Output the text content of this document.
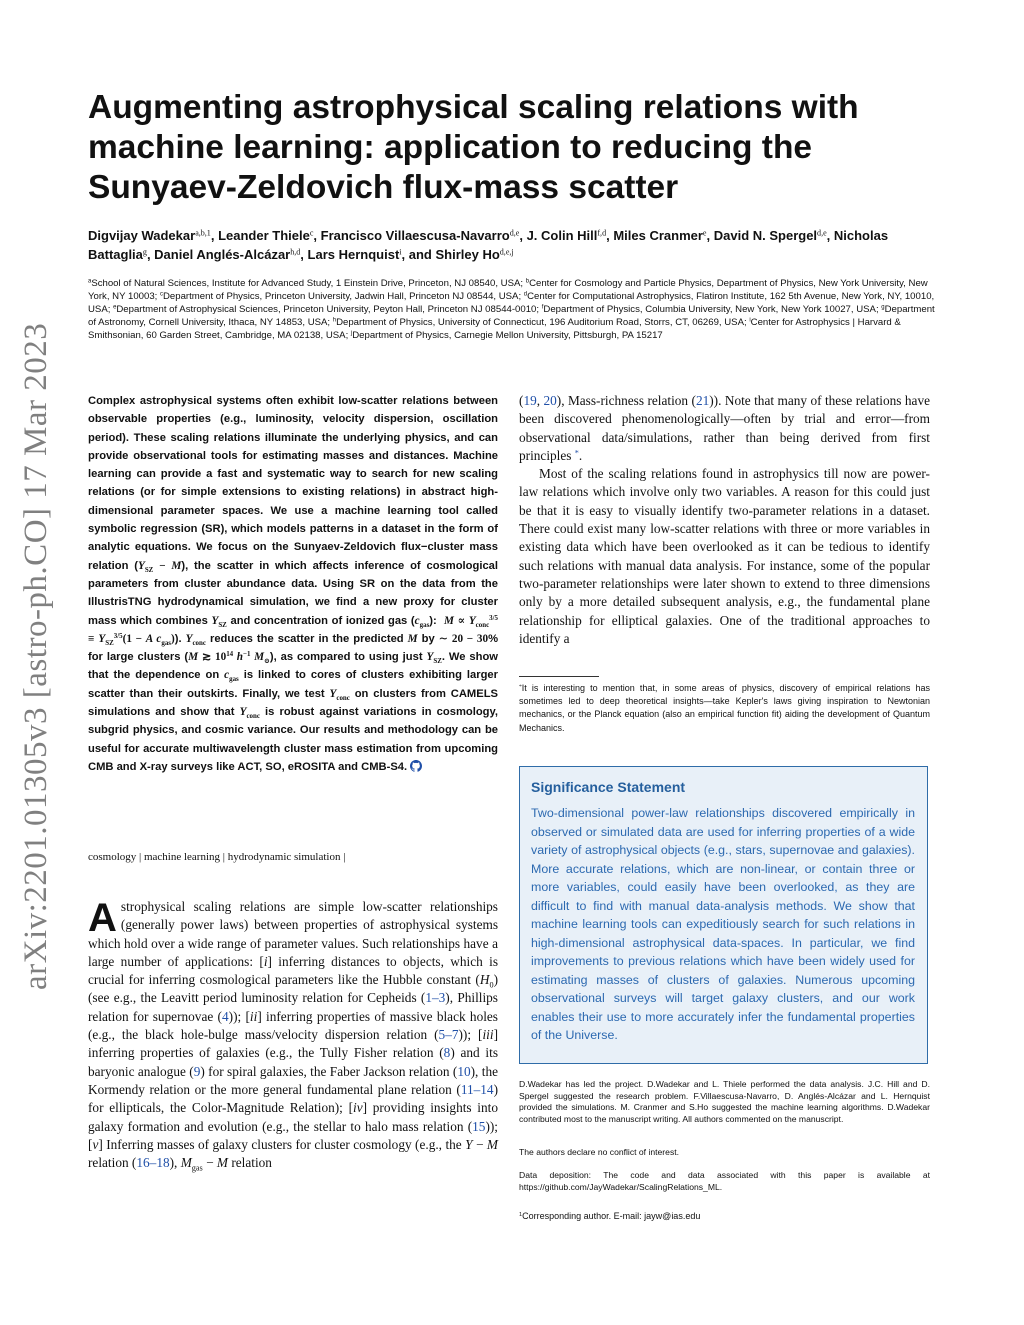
arXiv:2201.01305v3 [astro-ph.CO] 17 Mar 2023
Augmenting astrophysical scaling relations with machine learning: application to reducing the Sunyaev-Zeldovich flux-mass scatter
Digvijay Wadekar$^{a,b,1}$, Leander Thiele$^c$, Francisco Villaescusa-Navarro$^{d,e}$, J. Colin Hill$^{f,d}$, Miles Cranmer$^e$, David N. Spergel$^{d,e}$, Nicholas Battaglia$^g$, Daniel Anglés-Alcázar$^{h,d}$, Lars Hernquist$^i$, and Shirley Ho$^{d,e,j}$
$^a$School of Natural Sciences, Institute for Advanced Study, 1 Einstein Drive, Princeton, NJ 08540, USA; $^b$Center for Cosmology and Particle Physics, Department of Physics, New York University, New York, NY 10003; $^c$Department of Physics, Princeton University, Jadwin Hall, Princeton NJ 08544, USA; $^d$Center for Computational Astrophysics, Flatiron Institute, 162 5th Avenue, New York, NY, 10010, USA; $^e$Department of Astrophysical Sciences, Princeton University, Peyton Hall, Princeton NJ 08544-0010; $^f$Department of Physics, Columbia University, New York, New York 10027, USA; $^g$Department of Astronomy, Cornell University, Ithaca, NY 14853, USA; $^h$Department of Physics, University of Connecticut, 196 Auditorium Road, Storrs, CT, 06269, USA; $^i$Center for Astrophysics | Harvard & Smithsonian, 60 Garden Street, Cambridge, MA 02138, USA; $^j$Department of Physics, Carnegie Mellon University, Pittsburgh, PA 15217
Complex astrophysical systems often exhibit low-scatter relations between observable properties (e.g., luminosity, velocity dispersion, oscillation period). These scaling relations illuminate the underlying physics, and can provide observational tools for estimating masses and distances. Machine learning can provide a fast and systematic way to search for new scaling relations (or for simple extensions to existing relations) in abstract high-dimensional parameter spaces. We use a machine learning tool called symbolic regression (SR), which models patterns in a dataset in the form of analytic equations. We focus on the Sunyaev-Zeldovich flux−cluster mass relation $(Y_{SZ} - M)$, the scatter in which affects inference of cosmological parameters from cluster abundance data. Using SR on the data from the IllustrisTNG hydrodynamical simulation, we find a new proxy for cluster mass which combines $Y_{SZ}$ and concentration of ionized gas $(c_{gas})$:  $M \propto Y_{conc}^{3/5} \equiv Y_{SZ}^{3/5}(1 - A$ $c_{gas}$)). $Y_{conc}$ reduces the scatter in the predicted M by ∼ 20 − 30% for large clusters (M ≳ $10^{14}$ $h^{-1}$ $M_⊙$), as compared to using just $Y_{SZ}$. We show that the dependence on $c_{gas}$ is linked to cores of clusters exhibiting larger scatter than their outskirts. Finally, we test $Y_{conc}$ on clusters from CAMELS simulations and show that $Y_{conc}$ is robust against variations in cosmology, subgrid physics, and cosmic variance. Our results and methodology can be useful for accurate multiwavelength cluster mass estimation from upcoming CMB and X-ray surveys like ACT, SO, eROSITA and CMB-S4.
cosmology | machine learning | hydrodynamic simulation |
Astrophysical scaling relations are simple low-scatter relationships (generally power laws) between properties of astrophysical systems which hold over a wide range of parameter values. Such relationships have a large number of applications: [i] inferring distances to objects, which is crucial for inferring cosmological parameters like the Hubble constant $(H_0)$ (see e.g., the Leavitt period luminosity relation for Cepheids (1–3), Phillips relation for supernovae (4)); [ii] inferring properties of massive black holes (e.g., the black hole-bulge mass/velocity dispersion relation (5–7)); [iii] inferring properties of galaxies (e.g., the Tully Fisher relation (8) and its baryonic analogue (9) for spiral galaxies, the Faber Jackson relation (10), the Kormendy relation or the more general fundamental plane relation (11–14) for ellipticals, the Color-Magnitude Relation); [iv] providing insights into galaxy formation and evolution (e.g., the stellar to halo mass relation (15)); [v] Inferring masses of galaxy clusters for cluster cosmology (e.g., the Y − M relation (16–18), $M_{gas} - M$ relation

(19, 20), Mass-richness relation (21)). Note that many of these relations have been discovered phenomenologically—often by trial and error—from observational data/simulations, rather than being derived from first principles *.

Most of the scaling relations found in astrophysics till now are power-law relations which involve only two variables. A reason for this could just be that it is easy to visually identify two-parameter relations in a dataset. There could exist many low-scatter relations with three or more variables in existing data which have been overlooked as it can be tedious to identify such relations with manual data analysis. For instance, some of the popular two-parameter relationships were later shown to extend to three dimensions only by a more detailed subsequent analysis, e.g., the fundamental plane relationship for elliptical galaxies. One of the traditional approaches to identify a

*It is interesting to mention that, in some areas of physics, discovery of empirical relations has sometimes led to deep theoretical insights—take Kepler's laws giving inspiration to Newtonian mechanics, or the Planck equation (also an empirical function fit) aiding the development of Quantum Mechanics.
Significance Statement
Two-dimensional power-law relationships discovered empirically in observed or simulated data are used for inferring properties of a wide variety of astrophysical objects (e.g., stars, supernovae and galaxies). More accurate relations, which are non-linear, or contain three or more variables, could easily have been overlooked, as they are difficult to find with manual data-analysis methods. We show that machine learning tools can expeditiously search for such relations in high-dimensional astrophysical data-spaces. In particular, we find improvements to previous relations which have been widely used for estimating masses of clusters of galaxies. Numerous upcoming observational surveys will target galaxy clusters, and our work enables their use to more accurately infer the fundamental properties of the Universe.
D.Wadekar has led the project. D.Wadekar and L. Thiele performed the data analysis. J.C. Hill and D. Spergel suggested the research problem. F.Villaescusa-Navarro, D. Anglés-Alcázar and L. Hernquist provided the simulations. M. Cranmer and S.Ho suggested the machine learning algorithms. D.Wadekar contributed most to the manuscript writing. All authors commented on the manuscript.
The authors declare no conflict of interest.
Data deposition: The code and data associated with this paper is available at https://github.com/JayWadekar/ScalingRelations_ML.
$^1$Corresponding author. E-mail: jayw@ias.edu
